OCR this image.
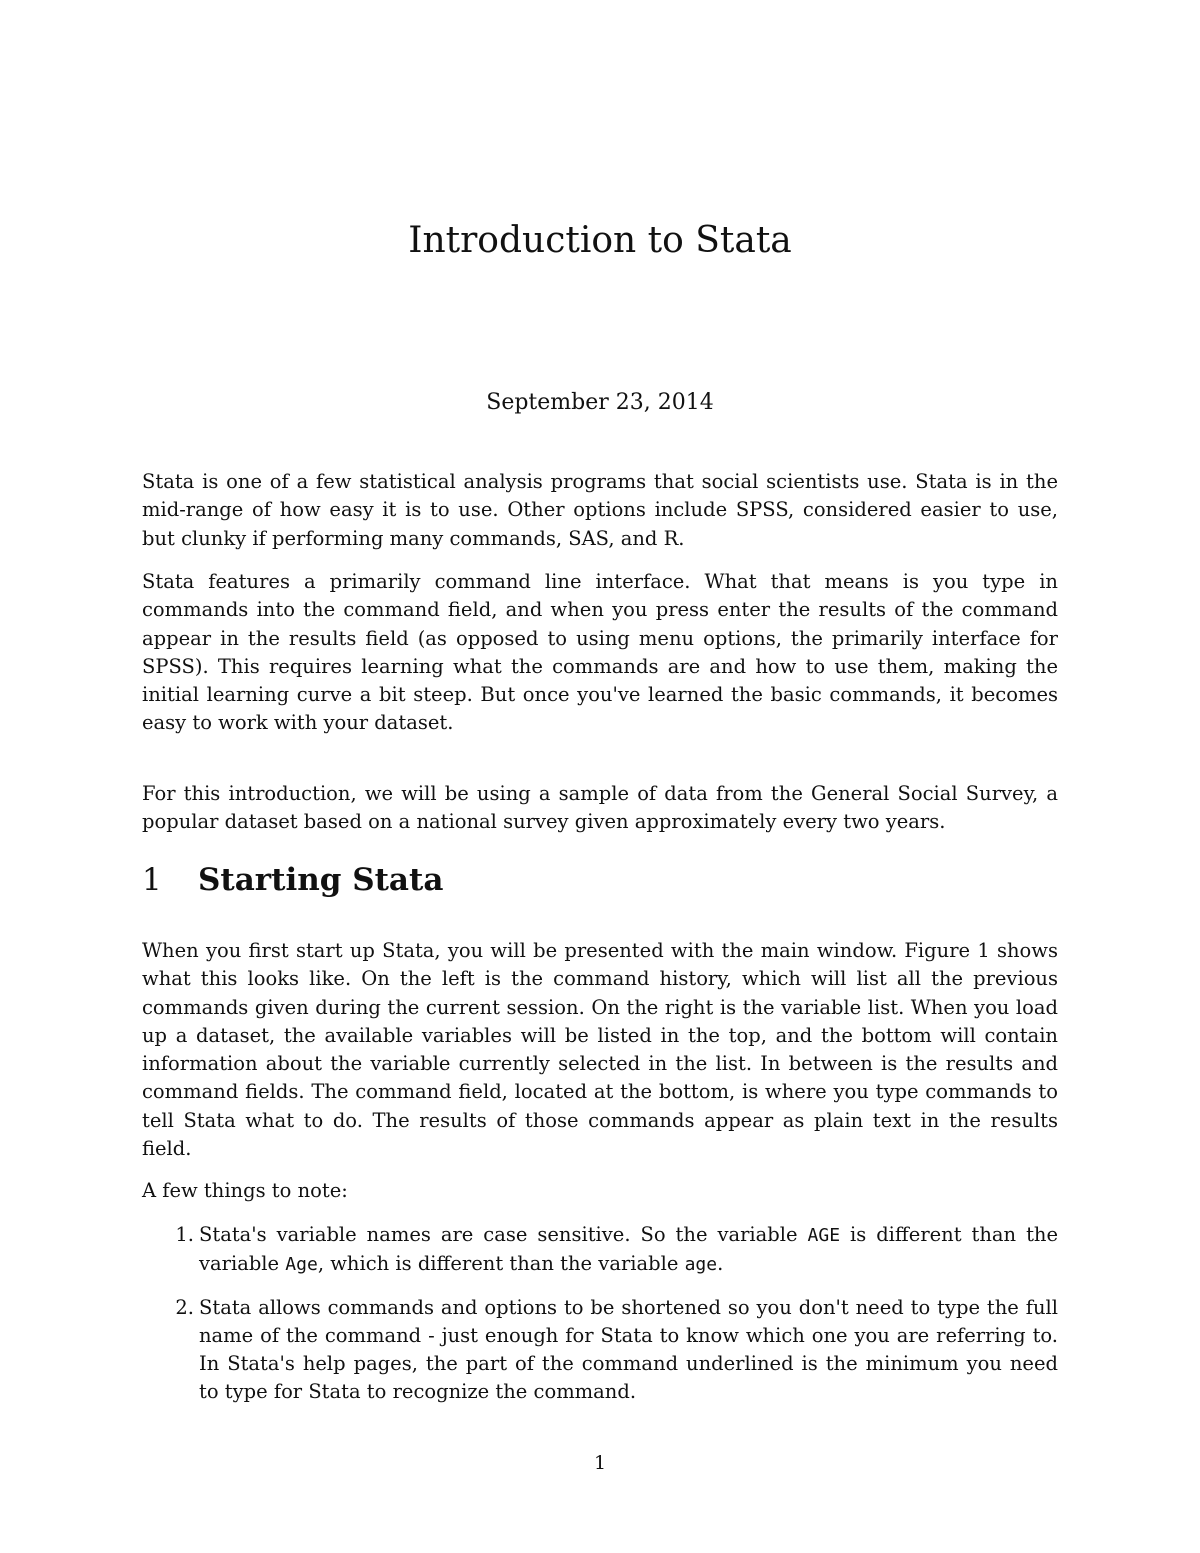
Introduction to Stata

September 23, 2014

Stata is one of a few statistical analysis programs that social scientists use. Stata is in the mid-range of how easy it is to use. Other options include SPSS, considered easier to use, but clunky if performing many commands, SAS, and R.

Stata features a primarily command line interface. What that means is you type in commands into the command field, and when you press enter the results of the command appear in the results field (as opposed to using menu options, the primarily interface for SPSS). This requires learning what the commands are and how to use them, making the initial learning curve a bit steep. But once you've learned the basic commands, it becomes easy to work with your dataset.

For this introduction, we will be using a sample of data from the General Social Survey, a popular dataset based on a national survey given approximately every two years.

1	Starting Stata

When you first start up Stata, you will be presented with the main window. Figure 1 shows what this looks like. On the left is the command history, which will list all the previous commands given during the current session. On the right is the variable list. When you load up a dataset, the available variables will be listed in the top, and the bottom will contain information about the variable currently selected in the list. In between is the results and command fields. The command field, located at the bottom, is where you type commands to tell Stata what to do. The results of those commands appear as plain text in the results field.

A few things to note:

1. Stata's variable names are case sensitive. So the variable AGE is different than the variable Age, which is different than the variable age.
2. Stata allows commands and options to be shortened so you don't need to type the full name of the command - just enough for Stata to know which one you are referring to. In Stata's help pages, the part of the command underlined is the minimum you need to type for Stata to recognize the command.

1
